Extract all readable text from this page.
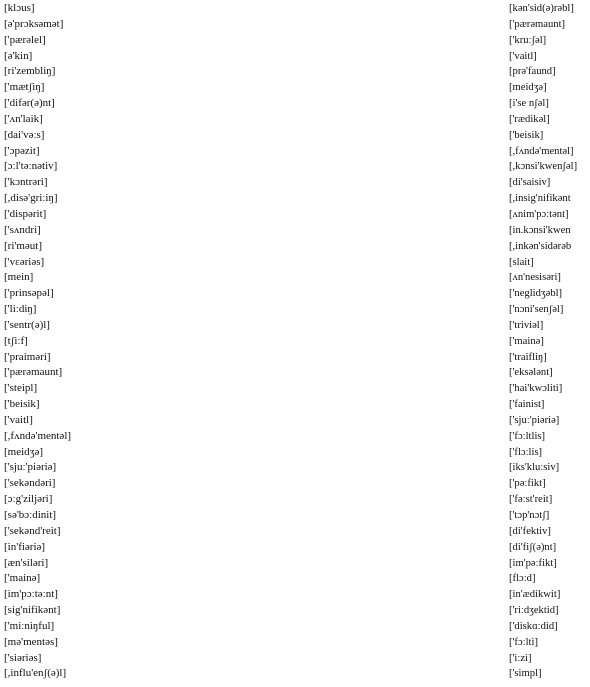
[klɔus]
[ə'prɔksəmət]
['pærəlel]
[ə'kin]
[ri'zembliŋ]
['mætʃiŋ]
['difər(ə)nt]
['ʌn'laik]
[dai'vəːs]
['ɔpəzit]
[ɔːl'təːnətiv]
['kɔntrəri]
[,disə'griːiŋ]
['dispərit]
['sʌndri]
[ri'məut]
['vɛəriəs]
[mein]
['prinsəpəl]
['liːdiŋ]
['sentr(ə)l]
[tʃiːf]
['praiməri]
['pærəmaunt]
['steipl]
['beisik]
['vaitl]
[,fʌndə'mentəl]
[meidʒə]
['sjuː'piəriə]
['sekəndəri]
[ɔːg'ziljəri]
[sə'bɔːdinit]
['sekənd'reit]
[in'fiəriə]
[æn'siləri]
['mainə]
[im'pɔːtəːnt]
[sig'nifikənt]
['miːniŋful]
[mə'mentəs]
['siəriəs]
[,influ'enʃ(ə)l]
[kən'sid(ə)rəbl]
['pærəmaunt]
['kruːʃəl]
['vaitl]
[prə'faund]
[meidʒə]
[i'se nʃəl]
['rædikəl]
['beisik]
[,fʌndə'mentəl]
[,kɔnsi'kwenʃəl]
[di'saisiv]
[,insig'nifikənt
[ʌnim'pɔːtənt]
[in.kɔnsi'kwen
[,inkən'sidərəb
[slait]
[ʌn'nesisəri]
['neglidʒəbl]
['nɔni'senʃəl]
['triviəl]
['mainə]
['traifliŋ]
['eksələnt]
['hai'kwɔliti]
['fainist]
['sjuː'piəriə]
['fɔːltlis]
['flɔːlis]
[iks'kluːsiv]
['pəːfikt]
['fəːst'reit]
['tɔp'nɔtʃ]
[di'fektiv]
[di'fiʃ(ə)nt]
[im'pəːfikt]
[flɔːd]
[in'ædikwit]
['riːdʒektid]
['diskɑːdid]
['fɔːlti]
['iːzi]
['simpl]
